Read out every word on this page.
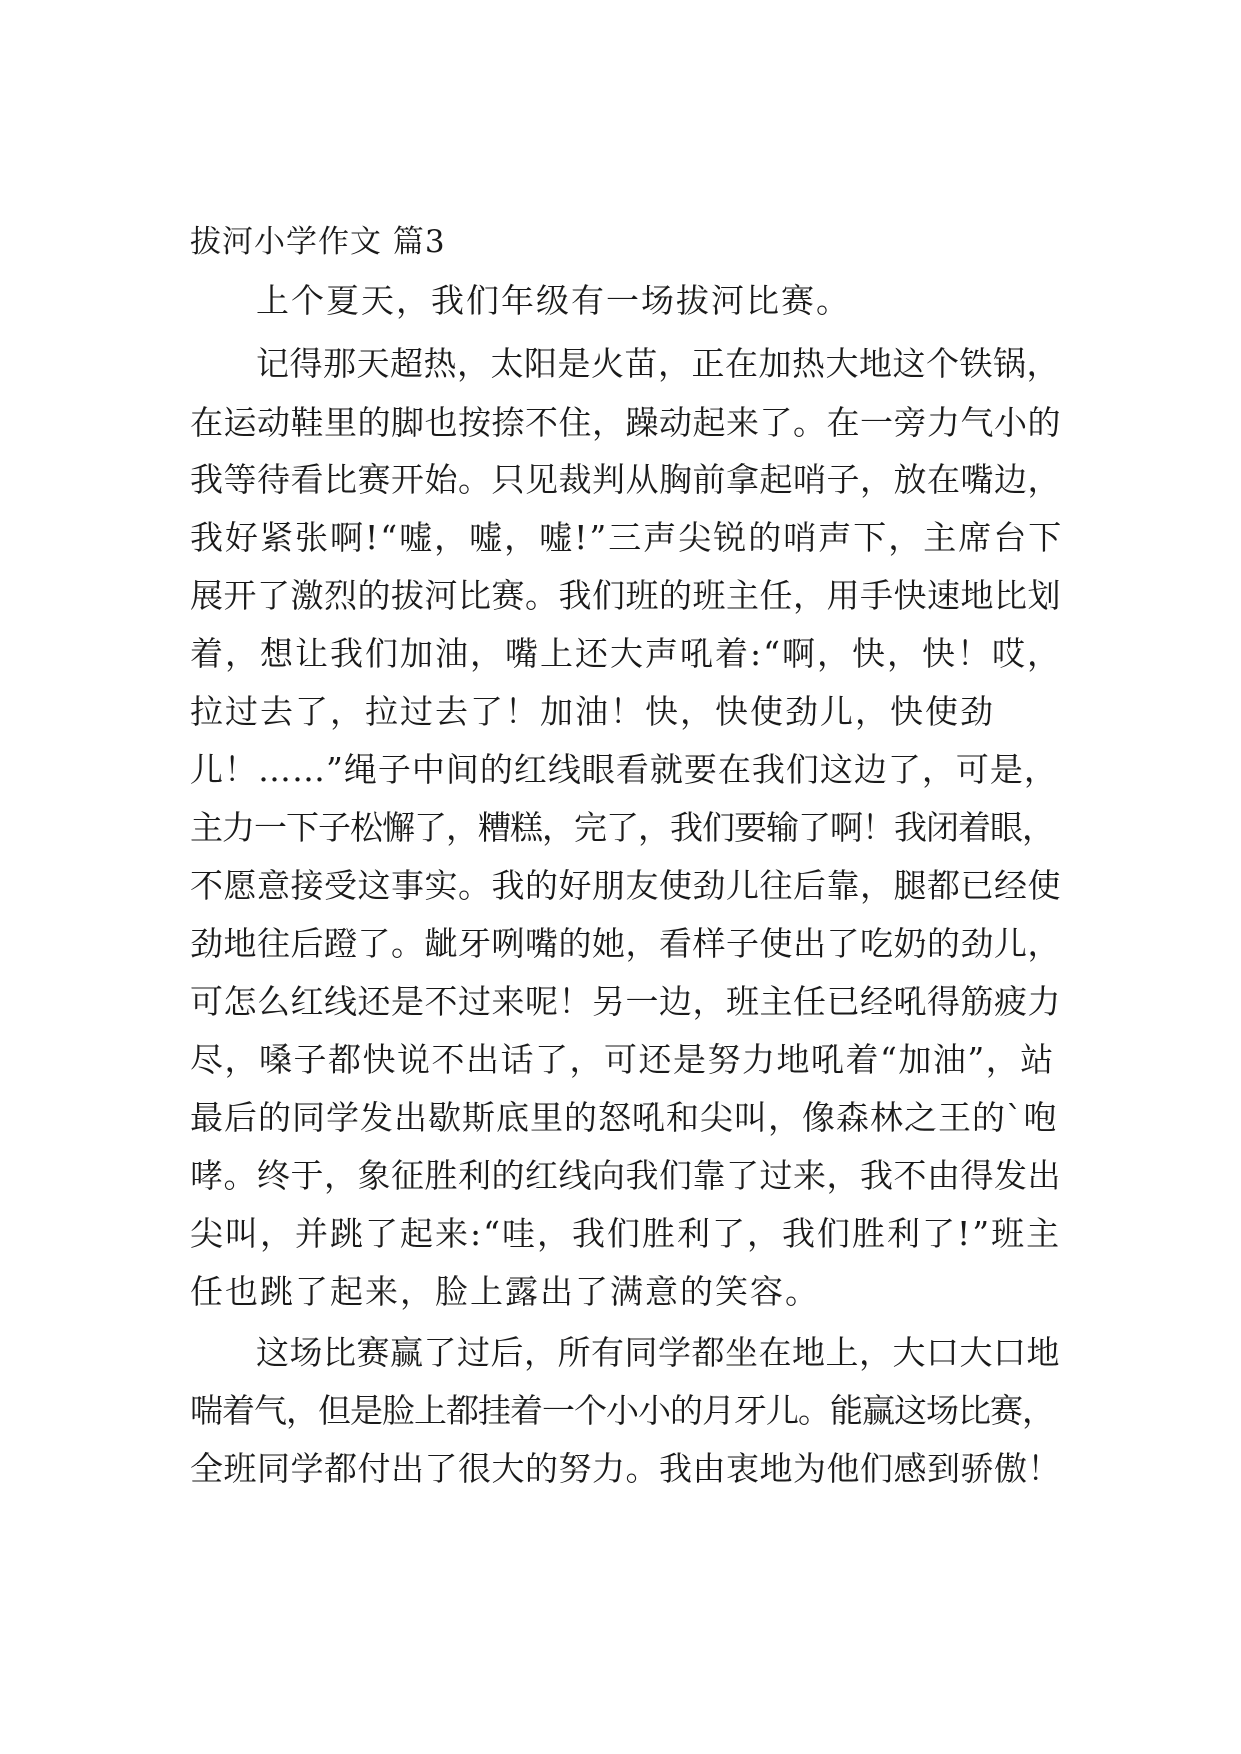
拔河小学作文 篇3
上个夏天，我们年级有一场拔河比赛。
记得那天超热，太阳是火苗，正在加热大地这个铁锅，
在运动鞋里的脚也按捺不住，躁动起来了。在一旁力气小的
我等待看比赛开始。只见裁判从胸前拿起哨子，放在嘴边，
我好紧张啊!“嘘，嘘，嘘!”三声尖锐的哨声下，主席台下
展开了激烈的拔河比赛。我们班的班主任，用手快速地比划
着，想让我们加油，嘴上还大声吼着:“啊，快，快！哎，
拉过去了，拉过去了！加油！快，快使劲儿，快使劲
儿！……”绳子中间的红线眼看就要在我们这边了，可是，
主力一下子松懈了，糟糕，完了，我们要输了啊！我闭着眼，
不愿意接受这事实。我的好朋友使劲儿往后靠，腿都已经使
劲地往后蹬了。龇牙咧嘴的她，看样子使出了吃奶的劲儿，
可怎么红线还是不过来呢！另一边，班主任已经吼得筋疲力
尽，嗓子都快说不出话了，可还是努力地吼着“加油”，站
最后的同学发出歇斯底里的怒吼和尖叫，像森林之王的`咆
哮。终于，象征胜利的红线向我们靠了过来，我不由得发出
尖叫，并跳了起来:“哇，我们胜利了，我们胜利了!”班主
任也跳了起来，脸上露出了满意的笑容。
这场比赛赢了过后，所有同学都坐在地上，大口大口地
喘着气，但是脸上都挂着一个小小的月牙儿。能赢这场比赛，
全班同学都付出了很大的努力。我由衷地为他们感到骄傲！
